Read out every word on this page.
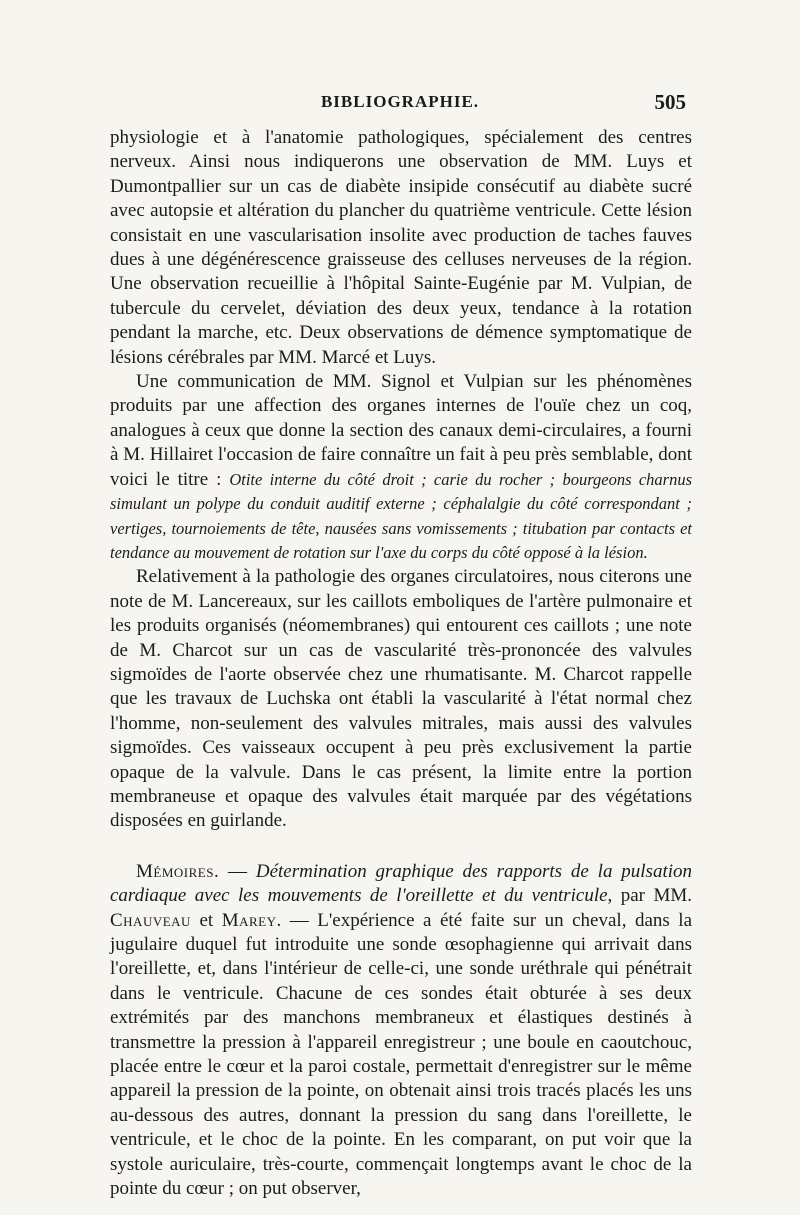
BIBLIOGRAPHIE.	505

physiologie et à l'anatomie pathologiques, spécialement des centres nerveux. Ainsi nous indiquerons une observation de MM. Luys et Dumontpallier sur un cas de diabète insipide consécutif au diabète sucré avec autopsie et altération du plancher du quatrième ventricule. Cette lésion consistait en une vascularisation insolite avec production de taches fauves dues à une dégénérescence graisseuse des celluses nerveuses de la région. Une observation recueillie à l'hôpital Sainte-Eugénie par M. Vulpian, de tubercule du cervelet, déviation des deux yeux, tendance à la rotation pendant la marche, etc. Deux observations de démence symptomatique de lésions cérébrales par MM. Marcé et Luys.

Une communication de MM. Signol et Vulpian sur les phénomènes produits par une affection des organes internes de l'ouïe chez un coq, analogues à ceux que donne la section des canaux demi-circulaires, a fourni à M. Hillairet l'occasion de faire connaître un fait à peu près semblable, dont voici le titre : Otite interne du côté droit ; carie du rocher ; bourgeons charnus simulant un polype du conduit auditif externe ; céphalalgie du côté correspondant ; vertiges, tournoiements de tête, nausées sans vomissements ; titubation par contacts et tendance au mouvement de rotation sur l'axe du corps du côté opposé à la lésion.

Relativement à la pathologie des organes circulatoires, nous citerons une note de M. Lancereaux, sur les caillots emboliques de l'artère pulmonaire et les produits organisés (néomembranes) qui entourent ces caillots ; une note de M. Charcot sur un cas de vascularité très-prononcée des valvules sigmoïdes de l'aorte observée chez une rhumatisante. M. Charcot rappelle que les travaux de Luchska ont établi la vascularité à l'état normal chez l'homme, non-seulement des valvules mitrales, mais aussi des valvules sigmoïdes. Ces vaisseaux occupent à peu près exclusivement la partie opaque de la valvule. Dans le cas présent, la limite entre la portion membraneuse et opaque des valvules était marquée par des végétations disposées en guirlande.

Mémoires. — Détermination graphique des rapports de la pulsation cardiaque avec les mouvements de l'oreillette et du ventricule, par MM. Chauveau et Marey. — L'expérience a été faite sur un cheval, dans la jugulaire duquel fut introduite une sonde œsophagienne qui arrivait dans l'oreillette, et, dans l'intérieur de celle-ci, une sonde uréthrale qui pénétrait dans le ventricule. Chacune de ces sondes était obturée à ses deux extrémités par des manchons membraneux et élastiques destinés à transmettre la pression à l'appareil enregistreur ; une boule en caoutchouc, placée entre le cœur et la paroi costale, permettait d'enregistrer sur le même appareil la pression de la pointe, on obtenait ainsi trois tracés placés les uns au-dessous des autres, donnant la pression du sang dans l'oreillette, le ventricule, et le choc de la pointe. En les comparant, on put voir que la systole auriculaire, très-courte, commençait longtemps avant le choc de la pointe du cœur ; on put observer,
